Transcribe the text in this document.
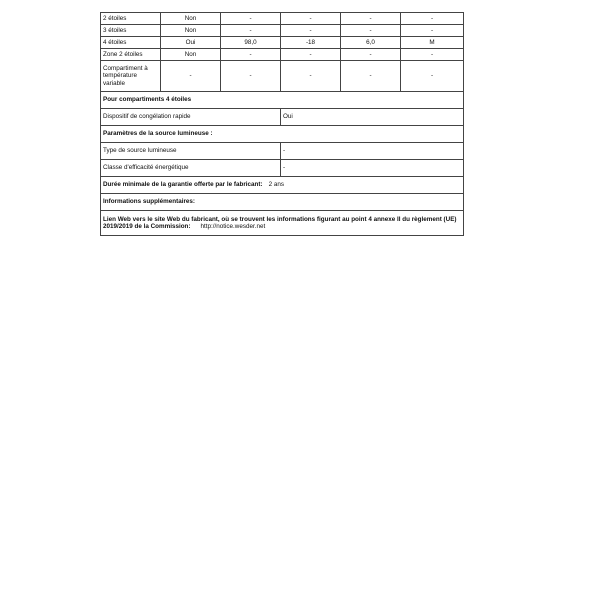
2 étoiles	Non	-	-	-	-
3 étoiles	Non	-	-	-	-
4 étoiles	Oui	98,0	-18	6,0	M
Zone 2 étoiles	Non	-	-	-	-
Compartiment à température variable	-	-	-	-	-
Pour compartiments 4 étoiles					
Dispositif de congélation rapide			Oui		
Paramètres de la source lumineuse :					
Type de source lumineuse			-		
Classe d'efficacité énergétique			-		
Durée minimale de la garantie offerte par le fabricant: 2 ans					
Informations supplémentaires:					
Lien Web vers le site Web du fabricant, où se trouvent les informations figurant au point 4 annexe II du règlement (UE) 2019/2019 de la Commission: http://notice.wesder.net					
